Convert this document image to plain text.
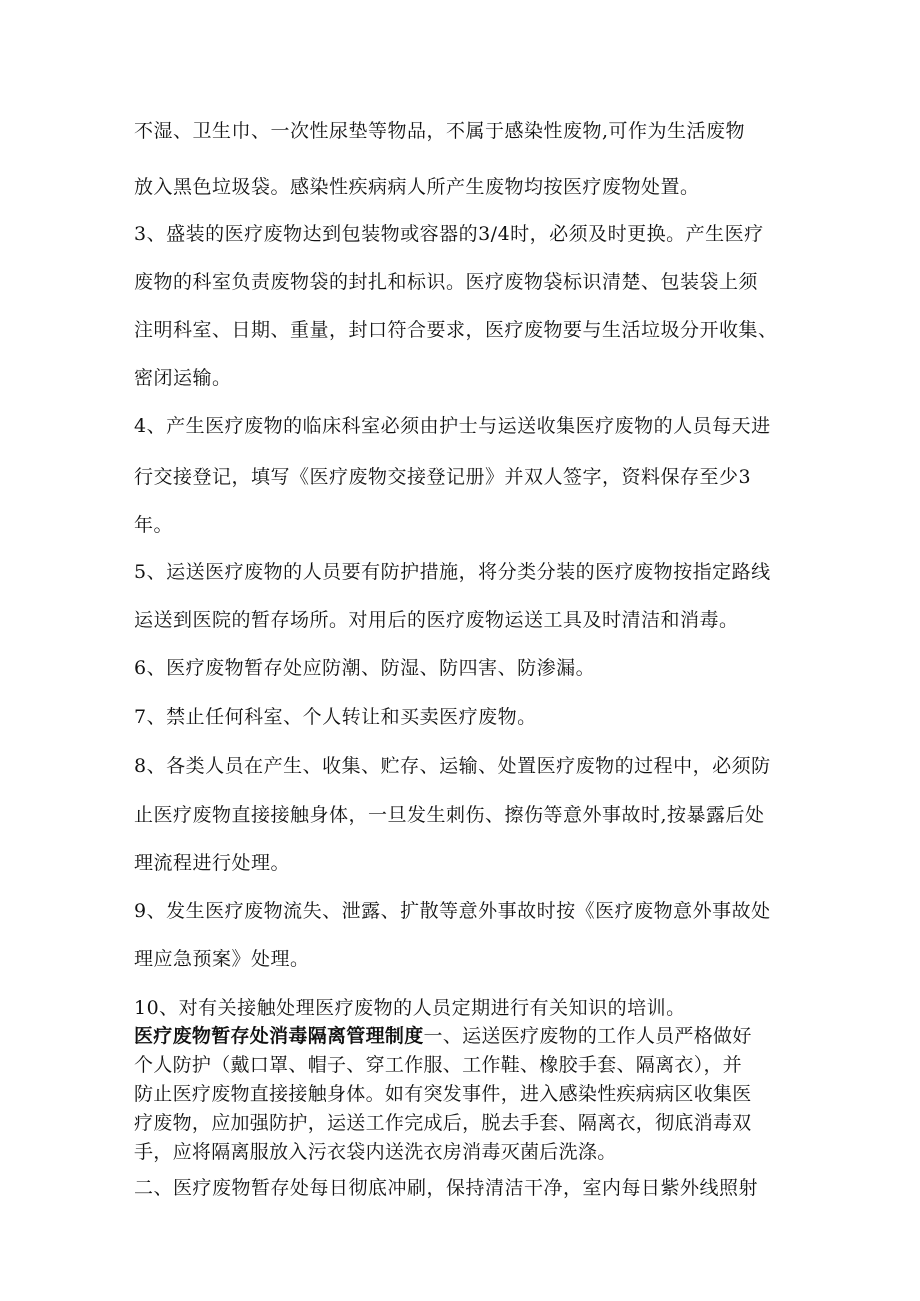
不湿、卫生巾、一次性尿垫等物品，不属于感染性废物,可作为生活废物
放入黑色垃圾袋。感染性疾病病人所产生废物均按医疗废物处置。
3、盛装的医疗废物达到包装物或容器的3/4时，必须及时更换。产生医疗
废物的科室负责废物袋的封扎和标识。医疗废物袋标识清楚、包装袋上须
注明科室、日期、重量，封口符合要求，医疗废物要与生活垃圾分开收集、
密闭运输。
4、产生医疗废物的临床科室必须由护士与运送收集医疗废物的人员每天进
行交接登记，填写《医疗废物交接登记册》并双人签字，资料保存至少3
年。
5、运送医疗废物的人员要有防护措施，将分类分装的医疗废物按指定路线
运送到医院的暂存场所。对用后的医疗废物运送工具及时清洁和消毒。
6、医疗废物暂存处应防潮、防湿、防四害、防渗漏。
7、禁止任何科室、个人转让和买卖医疗废物。
8、各类人员在产生、收集、贮存、运输、处置医疗废物的过程中，必须防
止医疗废物直接接触身体，一旦发生刺伤、擦伤等意外事故时,按暴露后处
理流程进行处理。
9、发生医疗废物流失、泄露、扩散等意外事故时按《医疗废物意外事故处
理应急预案》处理。
10、对有关接触处理医疗废物的人员定期进行有关知识的培训。
医疗废物暂存处消毒隔离管理制度一、运送医疗废物的工作人员严格做好
个人防护（戴口罩、帽子、穿工作服、工作鞋、橡胶手套、隔离衣），并
防止医疗废物直接接触身体。如有突发事件，进入感染性疾病病区收集医
疗废物，应加强防护，运送工作完成后，脱去手套、隔离衣，彻底消毒双
手，应将隔离服放入污衣袋内送洗衣房消毒灭菌后洗涤。
二、医疗废物暂存处每日彻底冲刷，保持清洁干净，室内每日紫外线照射
